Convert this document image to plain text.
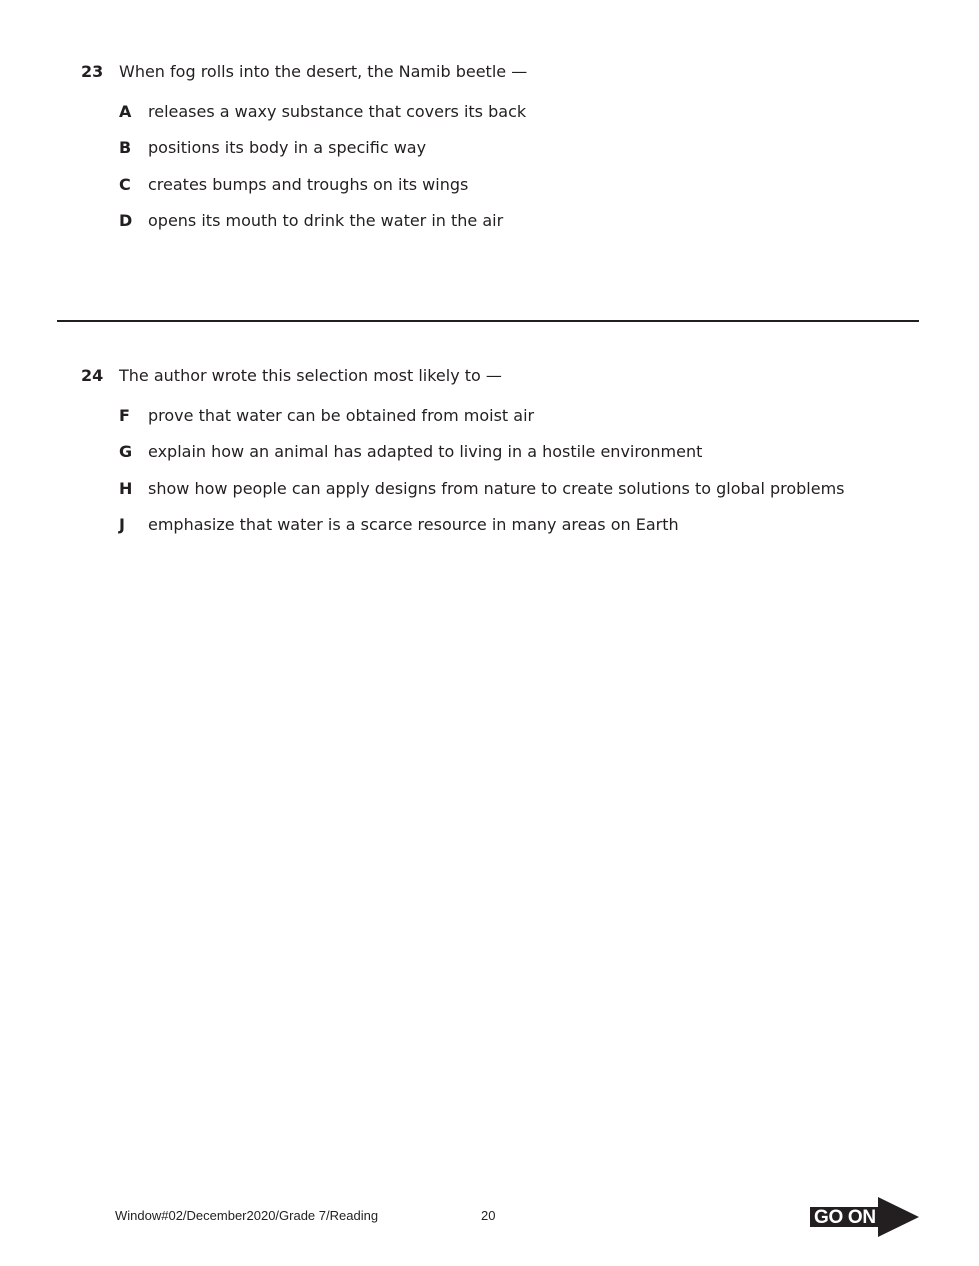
23 When fog rolls into the desert, the Namib beetle —
A releases a waxy substance that covers its back
B positions its body in a specific way
C creates bumps and troughs on its wings
D opens its mouth to drink the water in the air
24 The author wrote this selection most likely to —
F prove that water can be obtained from moist air
G explain how an animal has adapted to living in a hostile environment
H show how people can apply designs from nature to create solutions to global problems
J emphasize that water is a scarce resource in many areas on Earth
Window#02/December2020/Grade 7/Reading	20	GO ON
